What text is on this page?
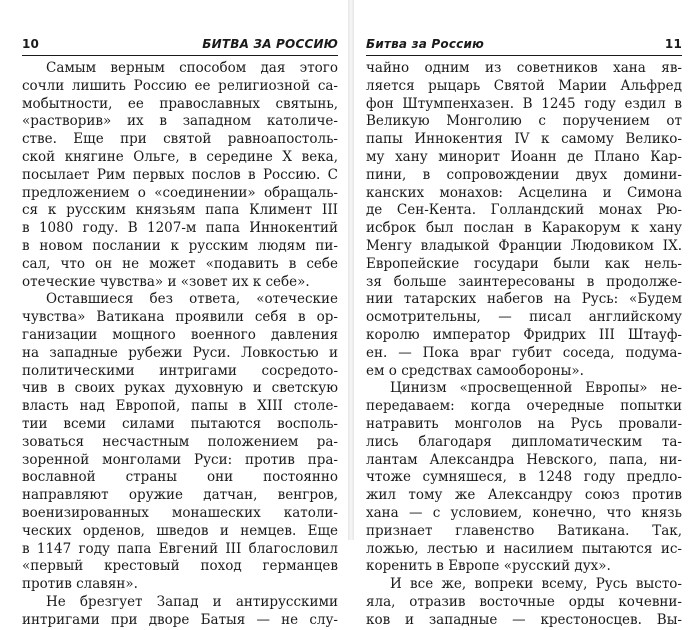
10	БИТВА ЗА РОССИЮ
Самым верным способом дая этого
сочли лишить Россию ее религиозной са-
мобытности, ее православных святынь,
«растворив» их в западном католиче-
стве. Еще при святой равноапостоль-
ской княгине Ольге, в середине X века,
посылает Рим первых послов в Россию. С
предложением о «соединении» обращаль-
ся к русским князьям папа Климент III
в 1080 году. В 1207-м папа Иннокентий
в новом послании к русским людям пи-
сал, что он не может «подавить в себе
отеческие чувства» и «зовет их к себе».
Оставшиеся без ответа, «отеческие
чувства» Ватикана проявили себя в ор-
ганизации мощного военного давления
на западные рубежи Руси. Ловкостью и
политическими интригами сосредото-
чив в своих руках духовную и светскую
власть над Европой, папы в XIII столе-
тии всеми силами пытаются восполь-
зоваться несчастным положением ра-
зоренной монголами Руси: против пра-
вославной страны они постоянно
направляют оружие датчан, венгров,
военизированных монашеских католи-
ческих орденов, шведов и немцев. Еще
в 1147 году папа Евгений III благословил
«первый крестовый поход германцев
против славян».
Не брезгует Запад и антирусскими
интригами при дворе Батыя — не слу-
Битва за Россию	11
чайно одним из советников хана яв-
ляется рыцарь Святой Марии Альфред
фон Штумпенхазен. В 1245 году ездил в
Великую Монголию с поручением от
папы Иннокентия IV к самому Велико-
му хану минорит Иоанн де Плано Кар-
пини, в сопровождении двух домини-
канских монахов: Асцелина и Симона
де Сен-Кента. Голландский монах Рю-
исброк был послан в Каракорум к хану
Менгу владыкой Франции Людовиком IX.
Европейские государи были как нель-
зя больше заинтересованы в продолже-
нии татарских набегов на Русь: «Будем
осмотрительны, — писал английскому
королю император Фридрих III Штауф-
ен. — Пока враг губит соседа, подума-
ем о средствах самообороны».
Цинизм «просвещенной Европы» не-
передаваем: когда очередные попытки
натравить монголов на Русь провали-
лись благодаря дипломатическим та-
лантам Александра Невского, папа, ни-
чтоже сумняшеся, в 1248 году предло-
жил тому же Александру союз против
хана — с условием, конечно, что князь
признает главенство Ватикана. Так,
ложью, лестью и насилием пытаются ис-
коренить в Европе «русский дух».
И все же, вопреки всему, Русь высто-
яла, отразив восточные орды кочевни-
ков и западные — крестоносцев. Вы-
